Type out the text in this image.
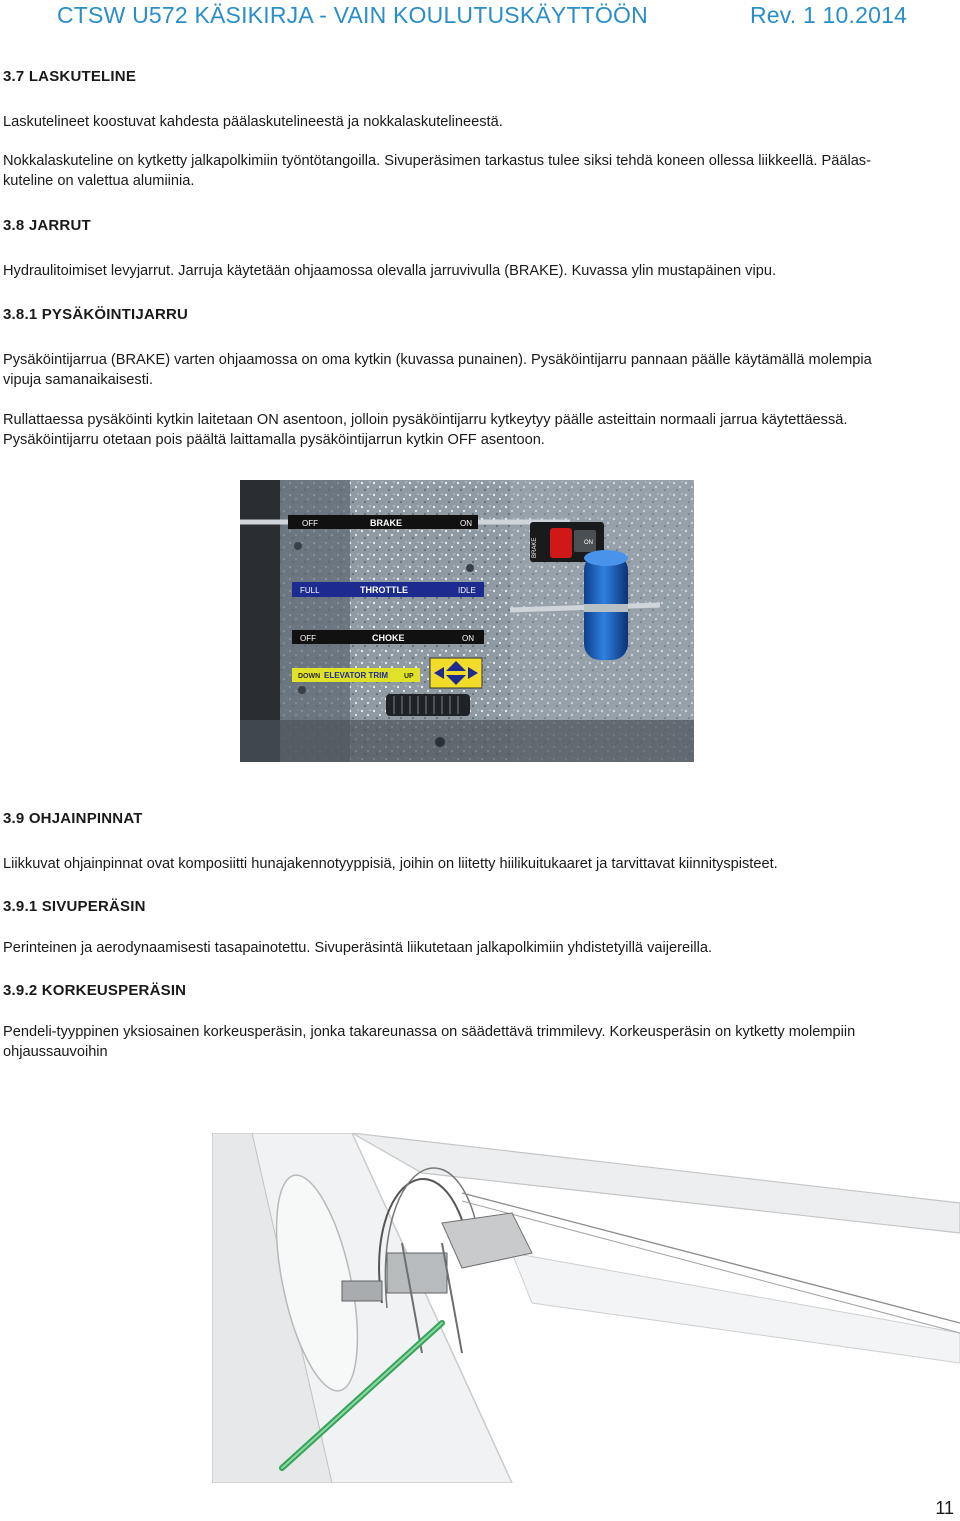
CTSW U572 KÄSIKIRJA - VAIN KOULUTUSKÄYTTÖÖN	Rev. 1 10.2014
3.7 LASKUTELINE
Laskutelineet koostuvat kahdesta päälaskutelineestä ja nokkalaskutelineestä.
Nokkalaskuteline on kytketty jalkapolkimiin työntötangoilla. Sivuperäsimen tarkastus tulee siksi tehdä koneen ollessa liikkeellä. Päälas-
kuteline on valettua alumiinia.
3.8 JARRUT
Hydraulitoimiset levyjarrut. Jarruja käytetään ohjaamossa olevalla jarruvivulla (BRAKE). Kuvassa ylin mustapäinen vipu.
3.8.1 PYSÄKÖINTIJARRU
Pysäköintijarrua (BRAKE) varten ohjaamossa on oma kytkin (kuvassa punainen). Pysäköintijarru pannaan päälle käytämällä molempia
vipuja samanaikaisesti.
Rullattaessa pysäköinti kytkin laitetaan ON asentoon, jolloin pysäköintijarru kytkeytyy päälle asteittain normaali jarrua käytettäessä.
Pysäköintijarru otetaan pois päältä laittamalla pysäköintijarrun kytkin OFF asentoon.
OFF	BRAKE	ON
FULL	THROTTLE	IDLE
OFF	CHOKE	ON
DOWN ELEVATOR TRIM UP
BRAKE	ON
3.9 OHJAINPINNAT
Liikkuvat ohjainpinnat ovat komposiitti hunajakennotyyppisiä, joihin on liitetty hiilikuitukaaret ja tarvittavat kiinnityspisteet.
3.9.1 SIVUPERÄSIN
Perinteinen ja aerodynaamisesti tasapainotettu. Sivuperäsintä liikutetaan jalkapolkimiin yhdistetyillä vaijereilla.
3.9.2 KORKEUSPERÄSIN
Pendeli-tyyppinen yksiosainen korkeusperäsin, jonka takareunassa on säädettävä trimmilevy. Korkeusperäsin on kytketty molempiin
ohjaussauvoihin
11
